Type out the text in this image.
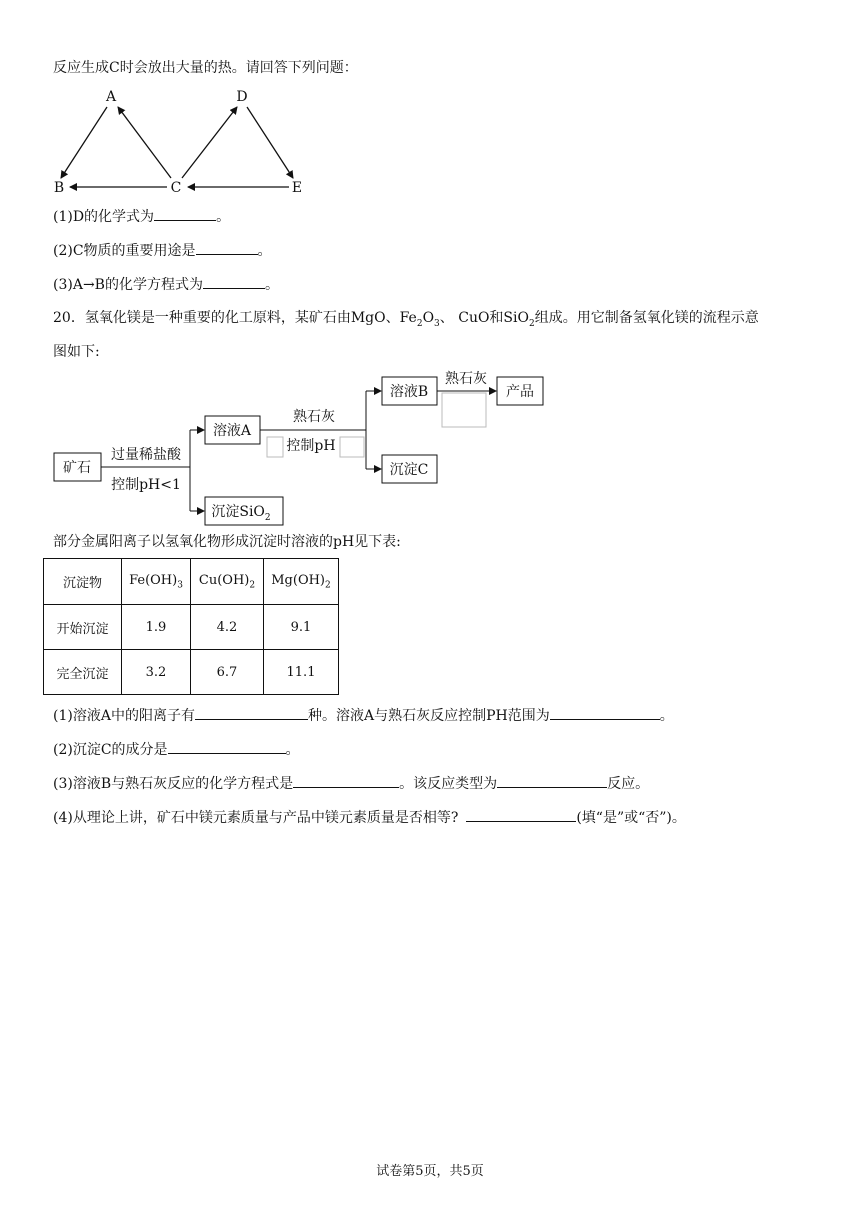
反应生成C时会放出大量的热。请回答下列问题：
A	D
B	C	E
(1)D的化学式为	。
(2)C物质的重要用途是	。
(3)A→B的化学方程式为	。
20．氢氧化镁是一种重要的化工原料，某矿石由MgO、$Fe_2O_3$、 CuO和SiO$_2$组成。用它制备氢氧化镁的流程示意
图如下:
矿石
溶液A
沉淀SiO$_2$
溶液B	产品
沉淀C
过量稀盐酸
控制pH<1
熟石灰
控制pH
熟石灰
部分金属阳离子以氢氧化物形成沉淀时溶液的pH见下表:
沉淀物	$Fe(OH)_3$	$Cu(OH)_2$	$Mg(OH)_2$
开始沉淀	1.9	4.2	9.1
完全沉淀	3.2	6.7	11.1
(1)溶液A中的阳离子有	种。溶液A与熟石灰反应控制PH范围为	。
(2)沉淀C的成分是	。
(3)溶液B与熟石灰反应的化学方程式是	。该反应类型为	反应。
(4)从理论上讲，矿石中镁元素质量与产品中镁元素质量是否相等?	(填“是”或“否”)。
试卷第5页，共5页
